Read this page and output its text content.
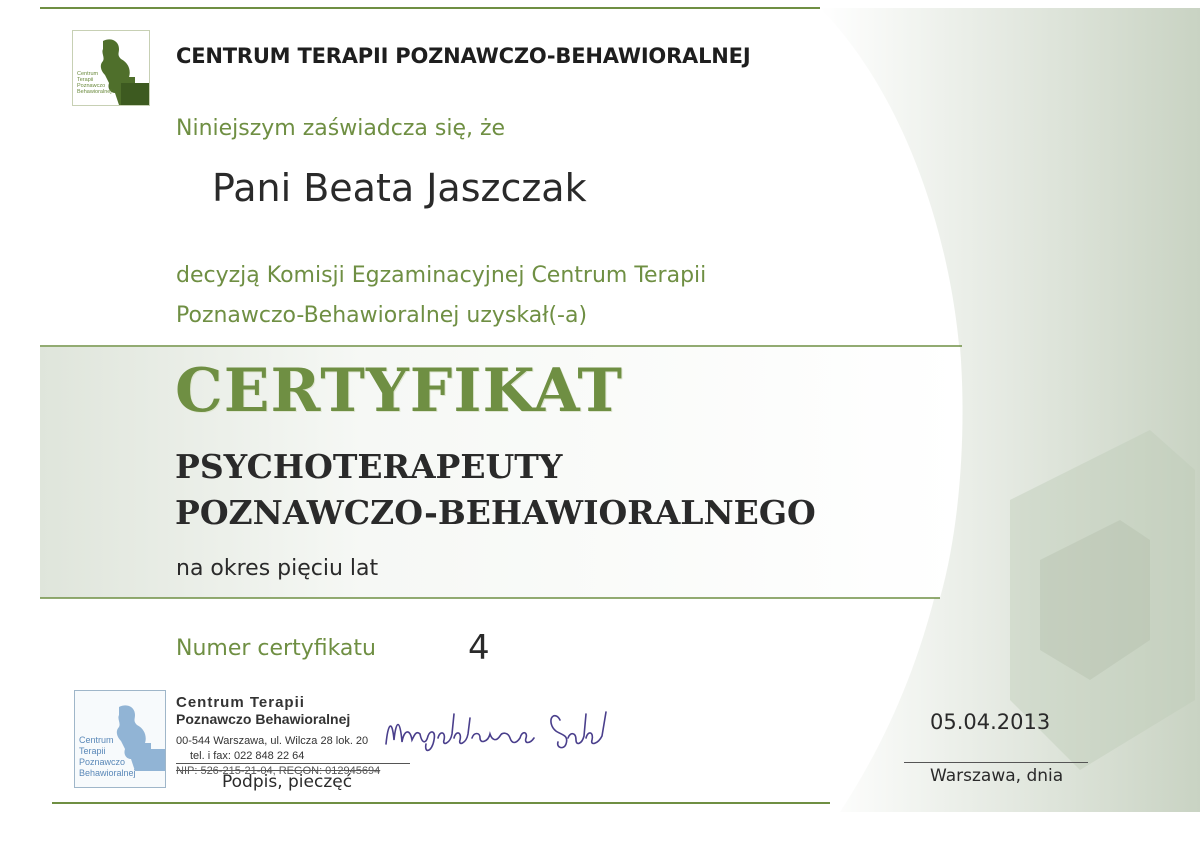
Centrum
Terapii
Poznawczo
Behawioralnej
CENTRUM TERAPII POZNAWCZO-BEHAWIORALNEJ
Niniejszym zaświadcza się, że
Pani Beata Jaszczak
decyzją Komisji Egzaminacyjnej Centrum Terapii
Poznawczo-Behawioralnej uzyskał(-a)
CERTYFIKAT
PSYCHOTERAPEUTY
POZNAWCZO-BEHAWIORALNEGO
na okres pięciu lat
Numer certyfikatu	4
Centrum
Terapii
Poznawczo
Behawioralnej
Centrum Terapii
Poznawczo Behawioralnej
00-544 Warszawa, ul. Wilcza 28 lok. 20
tel. i fax: 022 848 22 64
NIP: 526-215-21-04, REGON: 012945694
Podpis, pieczęć
05.04.2013
Warszawa, dnia
